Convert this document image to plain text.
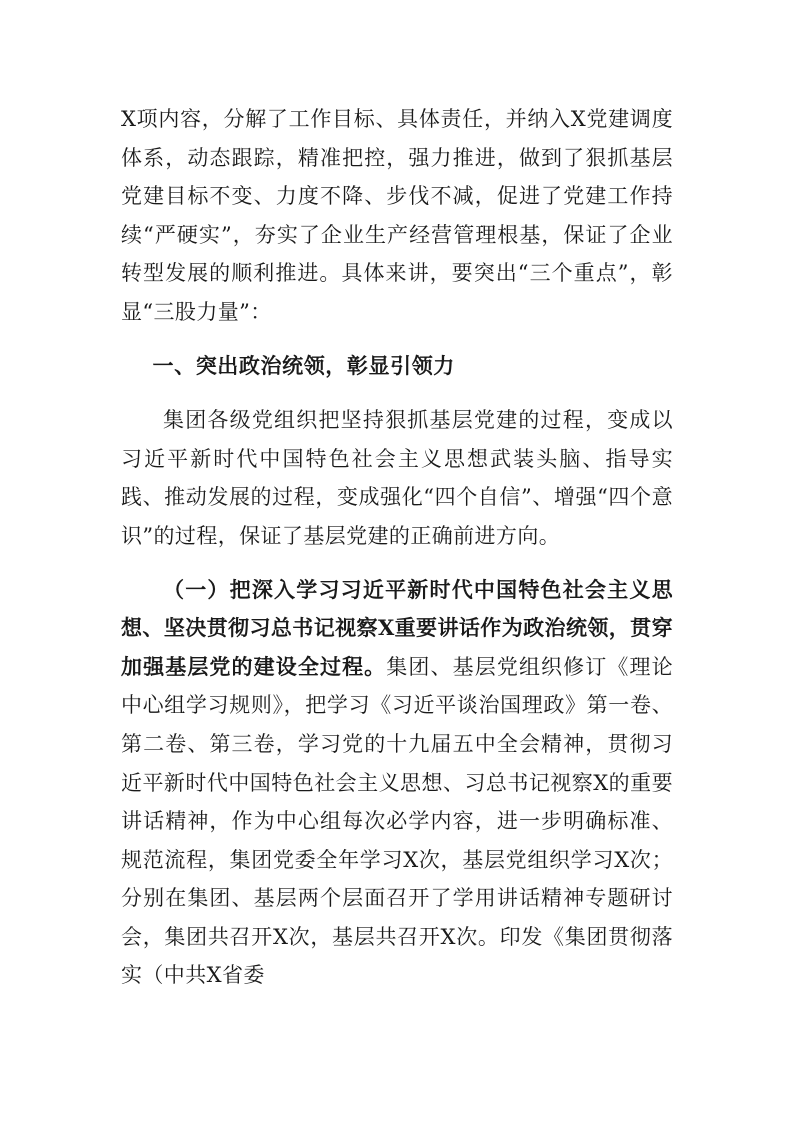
X项内容，分解了工作目标、具体责任，并纳入X党建调度体系，动态跟踪，精准把控，强力推进，做到了狠抓基层党建目标不变、力度不降、步伐不减，促进了党建工作持续“严硬实”，夯实了企业生产经营管理根基，保证了企业转型发展的顺利推进。具体来讲，要突出“三个重点”，彰显“三股力量”：

一、突出政治统领，彰显引领力

集团各级党组织把坚持狠抓基层党建的过程，变成以习近平新时代中国特色社会主义思想武装头脑、指导实践、推动发展的过程，变成强化“四个自信”、增强“四个意识”的过程，保证了基层党建的正确前进方向。

（一）把深入学习习近平新时代中国特色社会主义思想、坚决贯彻习总书记视察X重要讲话作为政治统领，贯穿加强基层党的建设全过程。集团、基层党组织修订《理论中心组学习规则》，把学习《习近平谈治国理政》第一卷、第二卷、第三卷，学习党的十九届五中全会精神，贯彻习近平新时代中国特色社会主义思想、习总书记视察X的重要讲话精神，作为中心组每次必学内容，进一步明确标准、规范流程，集团党委全年学习X次，基层党组织学习X次；分别在集团、基层两个层面召开了学用讲话精神专题研讨会，集团共召开X次，基层共召开X次。印发《集团贯彻落实（中共X省委
